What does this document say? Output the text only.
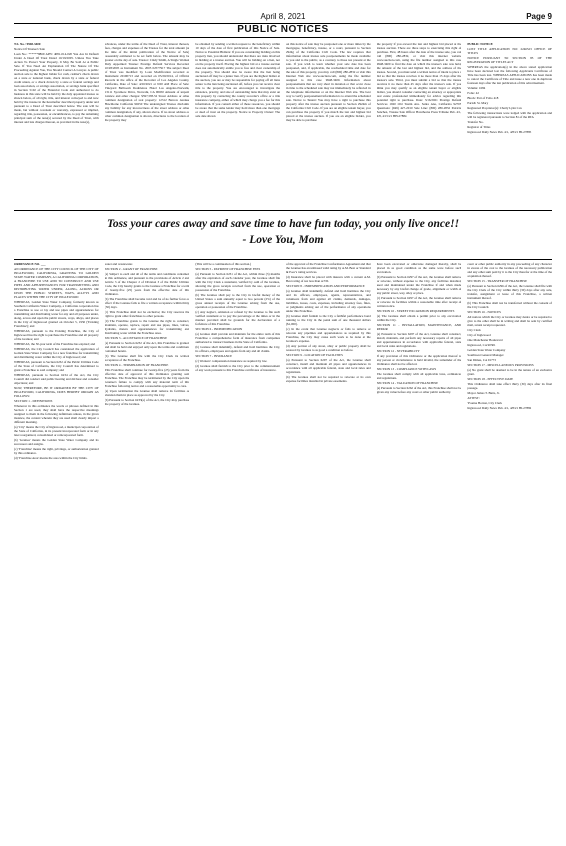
April 8, 2021	Page 9
PUBLIC NOTICES

T.S. No.: 9948-3400

Notice Of Trustee's Sale

Loan No.: ******8869 APN: 4081-014-020 You Are In Default Under A Deed Of Trust Dated 10/19/2005. Unless You Take Action To Protect Your Property, It May Be Sold At A Public Sale. If You Need An Explanation Of The Nature Of The Proceeding Against You, You Should Contact A Lawyer. A public auction sale to the highest bidder for cash, cashier's check drawn on a state or national bank, check drawn by a state or federal credit union, or a check drawn by a state or federal savings and loan association, or savings association, or savings bank specified in Section 5102 of the Financial Code and authorized to do business in this state will be held by the duly appointed trustee as shown below, of all right, title, and interest conveyed to and now held by the trustee in the hereinafter described property under and pursuant to a Deed of Trust described below. The sale will be made, but without covenant or warranty, expressed or implied, regarding title, possession, or encumbrances, to pay the remaining principal sum of the note(s) secured by the Deed of Trust, with interest and late charges thereon, as provided in the note(s),

advances, under the terms of the Deed of Trust, interest thereon, fees, charges and expenses of the Trustee for the total amount (at the time of the initial publication of the Notice of Sale) reasonably estimated to be set forth below. The amount may be greater on the day of sale. Trustor: Cindy Smith, A Single Woman Duly Appointed Trustee: Prestige Default Services Recorded 10/28/2005 as Instrument No. 2005 02577917 The subject Deed of Trust was modified by Loan Modification recorded as Instrument 20190713 and recorded on 05/20/2014, of Official Records in the office of the Recorder of Los Angeles County, California, Date of Sale: 4/20/2021 at 9:00 AM Place of Sale: Vineyard Ballroom Doubletree Hotel Los Angeles-Norwalk, 13111 Sycamore Drive, Norwalk, CA 90650 Amount of unpaid balance and other charges: $597,583.52 Street Address or other common designation of real property: 12312 Barrow Avenue Hawthorne California 90250 The undersigned Trustee disclaims any liability for any incorrectness of the street address or other common designation, if any, shown above. If no street address or other common designation is shown, directions to the location of the property may

be obtained by sending a written request to the beneficiary within 10 days of the date of first publication of this Notice of Sale. Notice to Potential Bidders: If you are considering bidding on this property lien, you should understand that there are risks involved in bidding at a trustee auction. You will be bidding on a lien, not on the property itself. Placing the highest bid at a trustee auction does not automatically entitle you to free and clear ownership of the property. You should also be aware that the lien being auctioned off may be a junior lien. If you are the highest bidder at the auction, you are or may be responsible for paying off all liens senior to the lien being auctioned off, before you can receive clear title to the property. You are encouraged to investigate the existence, priority, and size of outstanding liens that may exist on this property by contacting the county recorder's office or a title insurance company, either of which may charge you a fee for this information. If you consult either of these resources, you should be aware that the same lender may hold more than one mortgage or deed of trust on the property. Notice to Property Owner: The sale date shown

on this notice of sale may be postponed one or more times by the mortgagee, beneficiary, trustee, or a court, pursuant to Section 2924g of the California Civil Code. The law requires that information about trustee sale postponements be made available to you and to the public, as a courtesy to those not present at the sale. If you wish to learn whether your sale date has been postponed, and, if applicable, the rescheduled time and date for the sale of this property, you may call (800) 280-2832 or visit this Internet Web site www.auction.com, using the file number assigned to this case 9948-3400. Information about postponements that are very short in duration or that occur close in time to the scheduled sale may not immediately be reflected in the telephone information or on the Internet Web site. The best way to verify postponement information is to attend the scheduled sale. Notice to Tenant: You may have a right to purchase this property after the trustee auction pursuant to Section 2924m of the California Civil Code. If you are an eligible tenant buyer, you can purchase the property if you match the last and highest bid placed at the trustee auction. If you are an eligible bidder, you may be able to purchase

the property if you exceed the last and highest bid placed at the trustee auction. There are three steps to exercising this right of purchase. First, 48 hours after the date of the trustee sale, you can call (800) 280-2832, or visit this internet website www.auction.com, using the file number assigned to this case 9948-3400 to find the date on which the trustee's sale was held, the amount of the last and highest bid, and the address of the trustee. Second, you must send a written notice of intent to place a bid so that the trustee receives it no more than 15 days after the trustee's sale. Third, you must submit a bid so that the trustee receives it no more than 45 days after the trustee's sale. If you think you may qualify as an eligible tenant buyer or eligible bidder, you should consider contacting an attorney or appropriate real estate professional immediately for advice regarding this potential right to purchase. Date: 3/16/2021 Prestige Default Services 1920 Old Tustin Ave. Santa Ana, California 92705 Questions: (949) 427-2010 Sale Line: (800) 280-2832 Patricia Sanchez, Trustee Sale Officer Hawthorne Press Tribune Pub. 4/1, 4/8, 4/15/21 HH-27884

PUBLIC NOTICE

LOST TITLE APPLICATION NO: 2246523 OFFICE OF TITLES

NOTICE PURSUANT TO SECTION 85 OF THE REGISTRATION OF TITLES ACT

WHEREAS the application(s) in the above stated application have been declared lost the following Applicants Certificate of Title has been lost. WHEREAS APPLICATIONS has been made to cancel the Certificate of Title and issue a new one in duplicate fourteen days after the last publication of this advertisement.

Volume: 1684

Folio: 42

Block: Part of Folio 418

Parish: St. Mary

Registered Proprietor(s): Charly Lynn Cox

The following transactions were lodged with the application and will be registered pursuant to Section 81 of the RTA

Transfer No.

Registrar of Titles

Inglewood Daily News Pub. 4/1, 4/8/21 HI-27885

Toss your cares away and save time to have fun today, you only live once!!
- Love You, Mom

ORDINANCE NO. ___

AN ORDINANCE OF THE CITY COUNCIL OF THE CITY OF INGLEWOOD, CALIFORNIA, GRANTING TO GOLDEN STATE WATER COMPANY, A CALIFORNIA CORPORATION, A FRANCHISE TO USE AND TO CONSTRUCT AND USE PIPES AND APPURTENANCES FOR TRANSMITTING AND DISTRIBUTING WATER UNDER, ALONG, ACROSS OR UPON THE PUBLIC STREETS, WAYS, ALLEYS AND PLACES WITHIN THE CITY OF INGLEWOOD

WHEREAS, Golden State Water Company, formerly known as Southern California Water Company, a California corporation has a Franchise to use or lay and use pipes and appurtenances for transmitting and distributing water for any and all purposes under, along, across and upon the public streets, ways, alleys, and places in the City of Inglewood granted on October 5, 1950 ('Existing Franchise'); and

WHEREAS, pursuant to the Existing Franchise, the City of Inglewood has the right to purchase the Franchise and all property of the Grantee; and

WHEREAS, the 50-year term of the Franchise has expired; and

WHEREAS, the City Council has considered the application of Golden State Water Company for a new franchise for transmitting and distributing water within the City of Inglewood; and

WHEREAS, pursuant to Section 6232 of the Public Utilities Code of the State of California, the City Council has determined to grant a Franchise to said company; and

WHEREAS, pursuant to Section 6234 of the Act, the City Council did conduct said public hearing and did hear and consider objections; and

NOW, THEREFORE, BE IT ORDAINED BY THE CITY OF INGLEWOOD, CALIFORNIA, DOES HEREBY ORDAIN AS FOLLOWS:

SECTION 1 - DEFINITIONS

Whenever in this ordinance the words or phrases defined in this Section 1 are used, they shall have the respective meanings assigned to them in the following definitions unless, in the given instance, the context wherein they are used shall clearly import a different meaning.

(a) 'City' means the City of Inglewood, a municipal corporation of the State of California, in its present incorporated form or in any later reorganized, consolidated or reincorporated form.

(b) 'Grantee' means the Golden State Water Company and its successors and assigns.

(c) 'Franchise' means the right, privilege, or authorization granted by this ordinance.

(d) 'Franchise Area' means the area within the City limits.

water and wastewater.

SECTION 2 - GRANT OF FRANCHISE

(a) Subject to each and all of the terms and conditions contained in this ordinance, and pursuant to the provisions of Article 2 and Article 3 of the Chapter 2 of Division 3 of the Public Utilities Code, the City hereby grants to the Grantee a Franchise for a term of twenty-five (25) years from the effective date of this Ordinance.

(b) The Franchise shall become void and be of no further force or effect if the Grantee fails to file a written acceptance within thirty (30) days.

(c) This Franchise shall not be exclusive; the City reserves the right to grant other franchises to other persons.

(d) The Franchise grants to the Grantee the right to construct, maintain, operate, replace, repair and use pipes, lines, valves, hydrants, meters and appurtenances for transmitting and distributing water within the Franchise Area.

SECTION 3 - ACCEPTANCE OF FRANCHISE

(a) Pursuant to Section 6232 of the Act, this Franchise is granted and shall be held and enjoyed only upon the terms and conditions contained herein.

(b) The Grantee shall file with the City Clerk its written acceptance of the Franchise.

SECTION 4 - TERMINATION OF FRANCHISE

This Franchise shall continue for twenty-five (25) years from the effective date of approval of this Ordinance granting said Franchise. The Franchise may be terminated by the City upon the Grantee's failure to comply with any material term of this Franchise following notice and a reasonable opportunity to cure.

(a) Upon termination the Grantee shall remove its facilities or abandon them in place as approved by the City.

(b) Pursuant to Section 6233(e) of the Act, the City may purchase the property of the Grantee.

(This will be a continuation of this section.)

SECTION 5 - PAYMENT OF FRANCHISE FEES

(a) Pursuant to Section 6231 of the Act, within three (3) months after the expiration of each calendar year, the Grantee shall file with the City Clerk a statement, verified by oath of the Grantee, showing the gross receipts received from the use, operation or possession of the Franchise.

(b) The Grantee shall pay to the City in lawful money of the United States a sum annually equal to two percent (2%) of the gross annual receipts of the Grantee arising from the use, operation or possession of the Franchise.

(c) Any neglect, omission or refusal by the Grantee to file such verified statement or to pay the percentage at the times or in the manner provided shall be grounds for the declaration of a forfeiture of this Franchise.

SECTION 6 - INDEMNIFICATION

(a) Grantee shall provide and maintain for the entire term of this Franchise a comprehensive form of insurance from companies authorized to transact business in the State of California.

(b) Grantee shall indemnify, defend and hold harmless the City, its officers, employees and agents from any and all claims.

SECTION 7 - INSURANCE

(c) Workers' compensation insurance as required by law.

(d) Grantee shall furnish to the City prior to the commencement of any work pursuant to this Franchise certificates of insurance.

of the approval of the Franchise Conformance Agreement and that the Grantee has an unbiased valid rating by A.M. Best or Standard & Poor's rating services.

(d) Insurance shall be placed with insurers with a current A.M. Best rating of not less than A:VII.

SECTION 8 - INDEMNIFICATION AND PERFORMANCE

(a) Grantee shall indemnify, defend and hold harmless the City and its officers, employees, agents, representatives, and volunteers from and against all claims, demands, damages, liabilities, losses, costs, expenses, including attorney fees, fines, or judgments arising out of the performance of any operations under this Franchise.

(b) Grantee shall furnish to the City a faithful performance bond running to the City in the penal sum of one thousand dollars ($1,000).

(c) In the event that Grantee neglects or fails to remove or relocate any pipelines and appurtenances as required by this Franchise, the City may cause such work to be done at the Grantee's expense.

(d) Any portion of any street, alley or public property shall be restored by Grantee to as good a condition as before.

SECTION 9 - LOCATION OF FACILITIES

(a) Pursuant to Section 6297 of the Act, the Grantee shall construct, install and maintain all pipes and appurtenances in accordance with all applicable federal, state and local rules and regulations.

(b) The Grantee shall not be required to relocate at its own expense facilities installed in private easements.

have been excavated or otherwise damaged thereby, shall be placed in as good condition as the same were before such excavation.

(b) Pursuant to Section 6297 of the Act, the Grantee shall remove or relocate, without expense to the City, any facilities installed, used and maintained under the Franchise if and when made necessary by any lawful change of grade, alignment or width of any public street, way, alley or place.

(c) Pursuant to Section 6297 of the Act, the Grantee shall remove or relocate its facilities within a reasonable time after receipt of written notice.

SECTION 10 - STREET EXCAVATION REQUIREMENTS

(a) The Grantee shall obtain a permit prior to any excavation within the City.

SECTION 11 - INSTALLATION, MAINTENANCE, AND REPAIR

(a) Pursuant to Section 6297 of the Act, Grantee shall construct, install, maintain, and perform any necessary repairs of all pipes and appurtenances in accordance with applicable federal, state and local rules and regulations.

SECTION 12 - SEVERABILITY

If any provision of this Ordinance or the application thereof to any person or circumstance is held invalid, the remainder of the Ordinance shall not be affected.

SECTION 13 - COMPLIANCE WITH LAWS

The Grantee shall comply with all applicable laws, ordinances and regulations.

SECTION 14 - VALUATION OF FRANCHISE

(a) Pursuant to Section 6262 of the Act, this Franchise shall not be given any value before any court or other public authority.

court or other public authority in any proceeding of any character in excess of the cost to the Grantee of the necessary publication and any other sum paid by it to the City therefor at the time of the acquisition thereof.

SECTION 15 - TRANSFER OF FRANCHISE

(a) Pursuant to Section 6296 of the Act, the Grantee shall file with the City Clerk of the City within thirty (30) days after any sale, transfer, assignment or lease of this Franchise, a written instrument thereof.

(b) This Franchise shall not be transferred without the consent of the City Council.

SECTION 16 - NOTICES

All notices which the City or Grantee may desire or be required to give to the other shall be in writing and shall be sent by certified mail, return receipt requested.

City Clerk

City of Inglewood

One Manchester Boulevard

Inglewood, CA 90301

Golden State Water Company

Southwest General Manager

San Dimas, CA 91773

SECTION 17 - MISCELLANEOUS PROVISIONS

(a) No grant shall be deemed to be in the nature of an exclusive grant.

SECTION 18 - EFFECTIVE DATE

This Ordinance shall take effect thirty (30) days after its final passage.

Mayor James T. Butts, Jr.

ATTEST:

Yvonne Horton, City Clerk

Inglewood Daily News Pub. 4/1, 4/8/21 HI-27882
